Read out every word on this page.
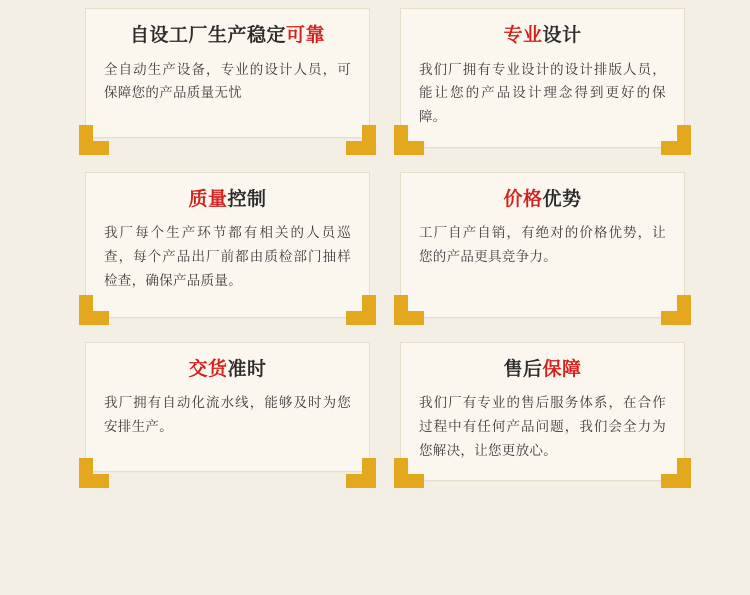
自设工厂生产稳定可靠
全自动生产设备，专业的设计人员，可保障您的产品质量无忧
专业设计
我们厂拥有专业设计的设计排版人员，能让您的产品设计理念得到更好的保障。
质量控制
我厂每个生产环节都有相关的人员巡查，每个产品出厂前都由质检部门抽样检查，确保产品质量。
价格优势
工厂自产自销，有绝对的价格优势，让您的产品更具竞争力。
交货准时
我厂拥有自动化流水线，能够及时为您安排生产。
售后保障
我们厂有专业的售后服务体系，在合作过程中有任何产品问题，我们会全力为您解决，让您更放心。
